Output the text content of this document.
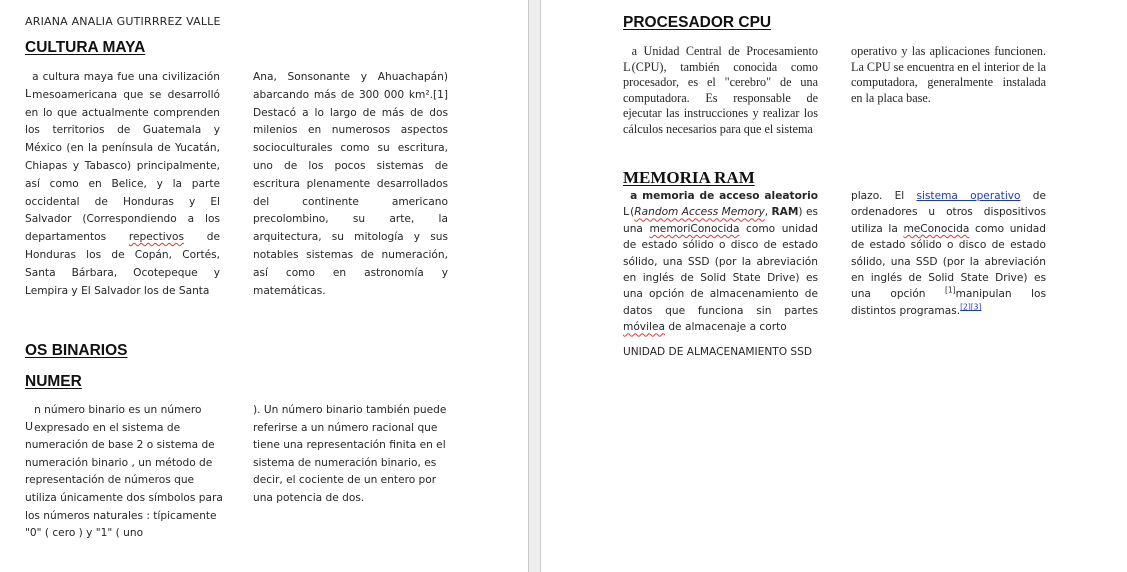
ARIANA ANALIA GUTIRRREZ VALLE
CULTURA MAYA
L
a cultura maya fue una civilización mesoamericana que se desarrolló en lo que actualmente comprenden los territorios de Guatemala y México (en la península de Yucatán, Chiapas y Tabasco) principalmente, así como en Belice, y la parte occidental de Honduras y El Salvador (Correspondiendo a los departamentos repectivos de Honduras los de Copán, Cortés, Santa Bárbara, Ocotepeque y Lempira y El Salvador los de Santa
Ana, Sonsonante y Ahuachapán) abarcando más de 300 000 km².[1] Destacó a lo largo de más de dos milenios en numerosos aspectos socioculturales como su escritura, uno de los pocos sistemas de escritura plenamente desarrollados del continente americano precolombino, su arte, la arquitectura, su mitología y sus notables sistemas de numeración, así como en astronomía y matemáticas.
OS BINARIOS
NUMER
U
n número binario es un número expresado en el sistema de numeración de base 2 o sistema de numeración binario , un método de representación de números que utiliza únicamente dos símbolos para los números naturales : típicamente "0" ( cero ) y "1" ( uno
). Un número binario también puede referirse a un número racional que tiene una representación finita en el sistema de numeración binario, es decir, el cociente de un entero por una potencia de dos.
PROCESADOR CPU
L
a Unidad Central de Procesamiento (CPU), también conocida como procesador, es el "cerebro" de una computadora. Es responsable de ejecutar las instrucciones y realizar los cálculos necesarios para que el sistema
operativo y las aplicaciones funcionen. La CPU se encuentra en el interior de la computadora, generalmente instalada en la placa base.
MEMORIA RAM
L
a memoria de acceso aleatorio (Random Access Memory, RAM) es una memoriConocida como unidad de estado sólido o disco de estado sólido, una SSD (por la abreviación en inglés de Solid State Drive) es una opción de almacenamiento de datos que funciona sin partes móvilea de almacenaje a corto
plazo. El sistema operativo de ordenadores u otros dispositivos utiliza la meConocida como unidad de estado sólido o disco de estado sólido, una SSD (por la abreviación en inglés de Solid State Drive) es una opción [1]manipulan los distintos programas.[2][3]
UNIDAD DE ALMACENAMIENTO SSD
